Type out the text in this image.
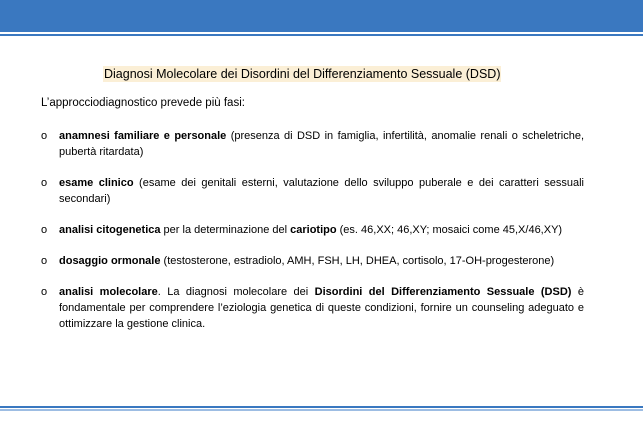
Diagnosi Molecolare dei Disordini del Differenziamento Sessuale (DSD)
L’approcciodiagnostico prevede più fasi:
o anamnesi familiare e personale (presenza di DSD in famiglia, infertilità, anomalie renali o scheletriche, pubertà ritardata)
o esame clinico (esame dei genitali esterni, valutazione dello sviluppo puberale e dei caratteri sessuali secondari)
o analisi citogenetica per la determinazione del cariotipo (es. 46,XX; 46,XY; mosaici come 45,X/46,XY)
o dosaggio ormonale (testosterone, estradiolo, AMH, FSH, LH, DHEA, cortisolo, 17-OH-progesterone)
o analisi molecolare. La diagnosi molecolare dei Disordini del Differenziamento Sessuale (DSD) è fondamentale per comprendere l’eziologia genetica di queste condizioni, fornire un counseling adeguato e ottimizzare la gestione clinica.
